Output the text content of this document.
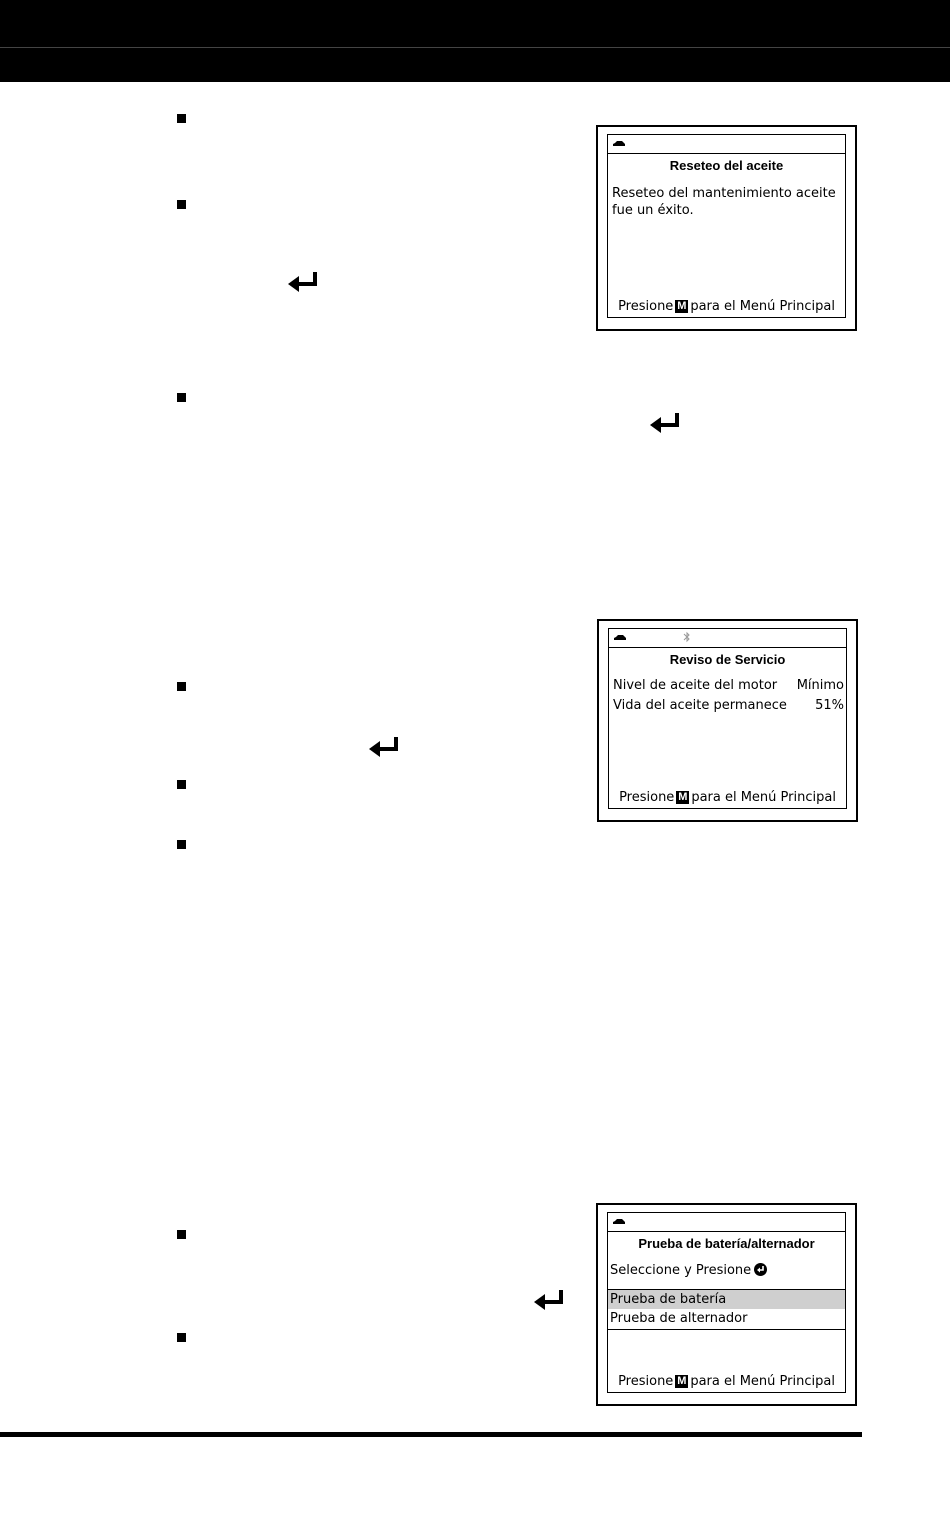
Reseteo del aceite
Reseteo del mantenimiento aceite
fue un éxito.
Presione M para el Menú Principal
Reviso de Servicio
Nivel de aceite del motor Mínimo
Vida del aceite permanece 51%
Presione M para el Menú Principal
Prueba de batería/alternador
Seleccione y Presione
Prueba de batería
Prueba de alternador
Presione M para el Menú Principal
